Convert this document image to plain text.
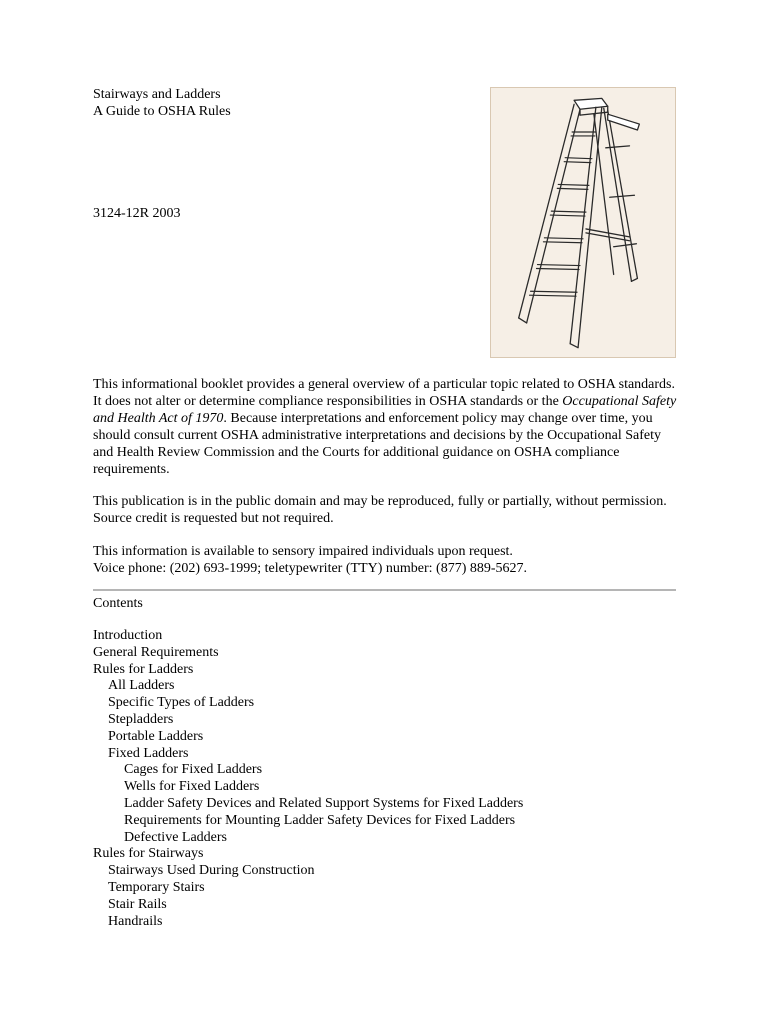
Stairways and Ladders
A Guide to OSHA Rules

3124-12R 2003

This informational booklet provides a general overview of a particular topic related to OSHA standards. It does not alter or determine compliance responsibilities in OSHA standards or the Occupational Safety and Health Act of 1970. Because interpretations and enforcement policy may change over time, you should consult current OSHA administrative interpretations and decisions by the Occupational Safety and Health Review Commission and the Courts for additional guidance on OSHA compliance requirements.

This publication is in the public domain and may be reproduced, fully or partially, without permission. Source credit is requested but not required.

This information is available to sensory impaired individuals upon request.
Voice phone: (202) 693-1999; teletypewriter (TTY) number: (877) 889-5627.

Contents

Introduction
General Requirements
Rules for Ladders
All Ladders
Specific Types of Ladders
Stepladders
Portable Ladders
Fixed Ladders
Cages for Fixed Ladders
Wells for Fixed Ladders
Ladder Safety Devices and Related Support Systems for Fixed Ladders
Requirements for Mounting Ladder Safety Devices for Fixed Ladders
Defective Ladders
Rules for Stairways
Stairways Used During Construction
Temporary Stairs
Stair Rails
Handrails
